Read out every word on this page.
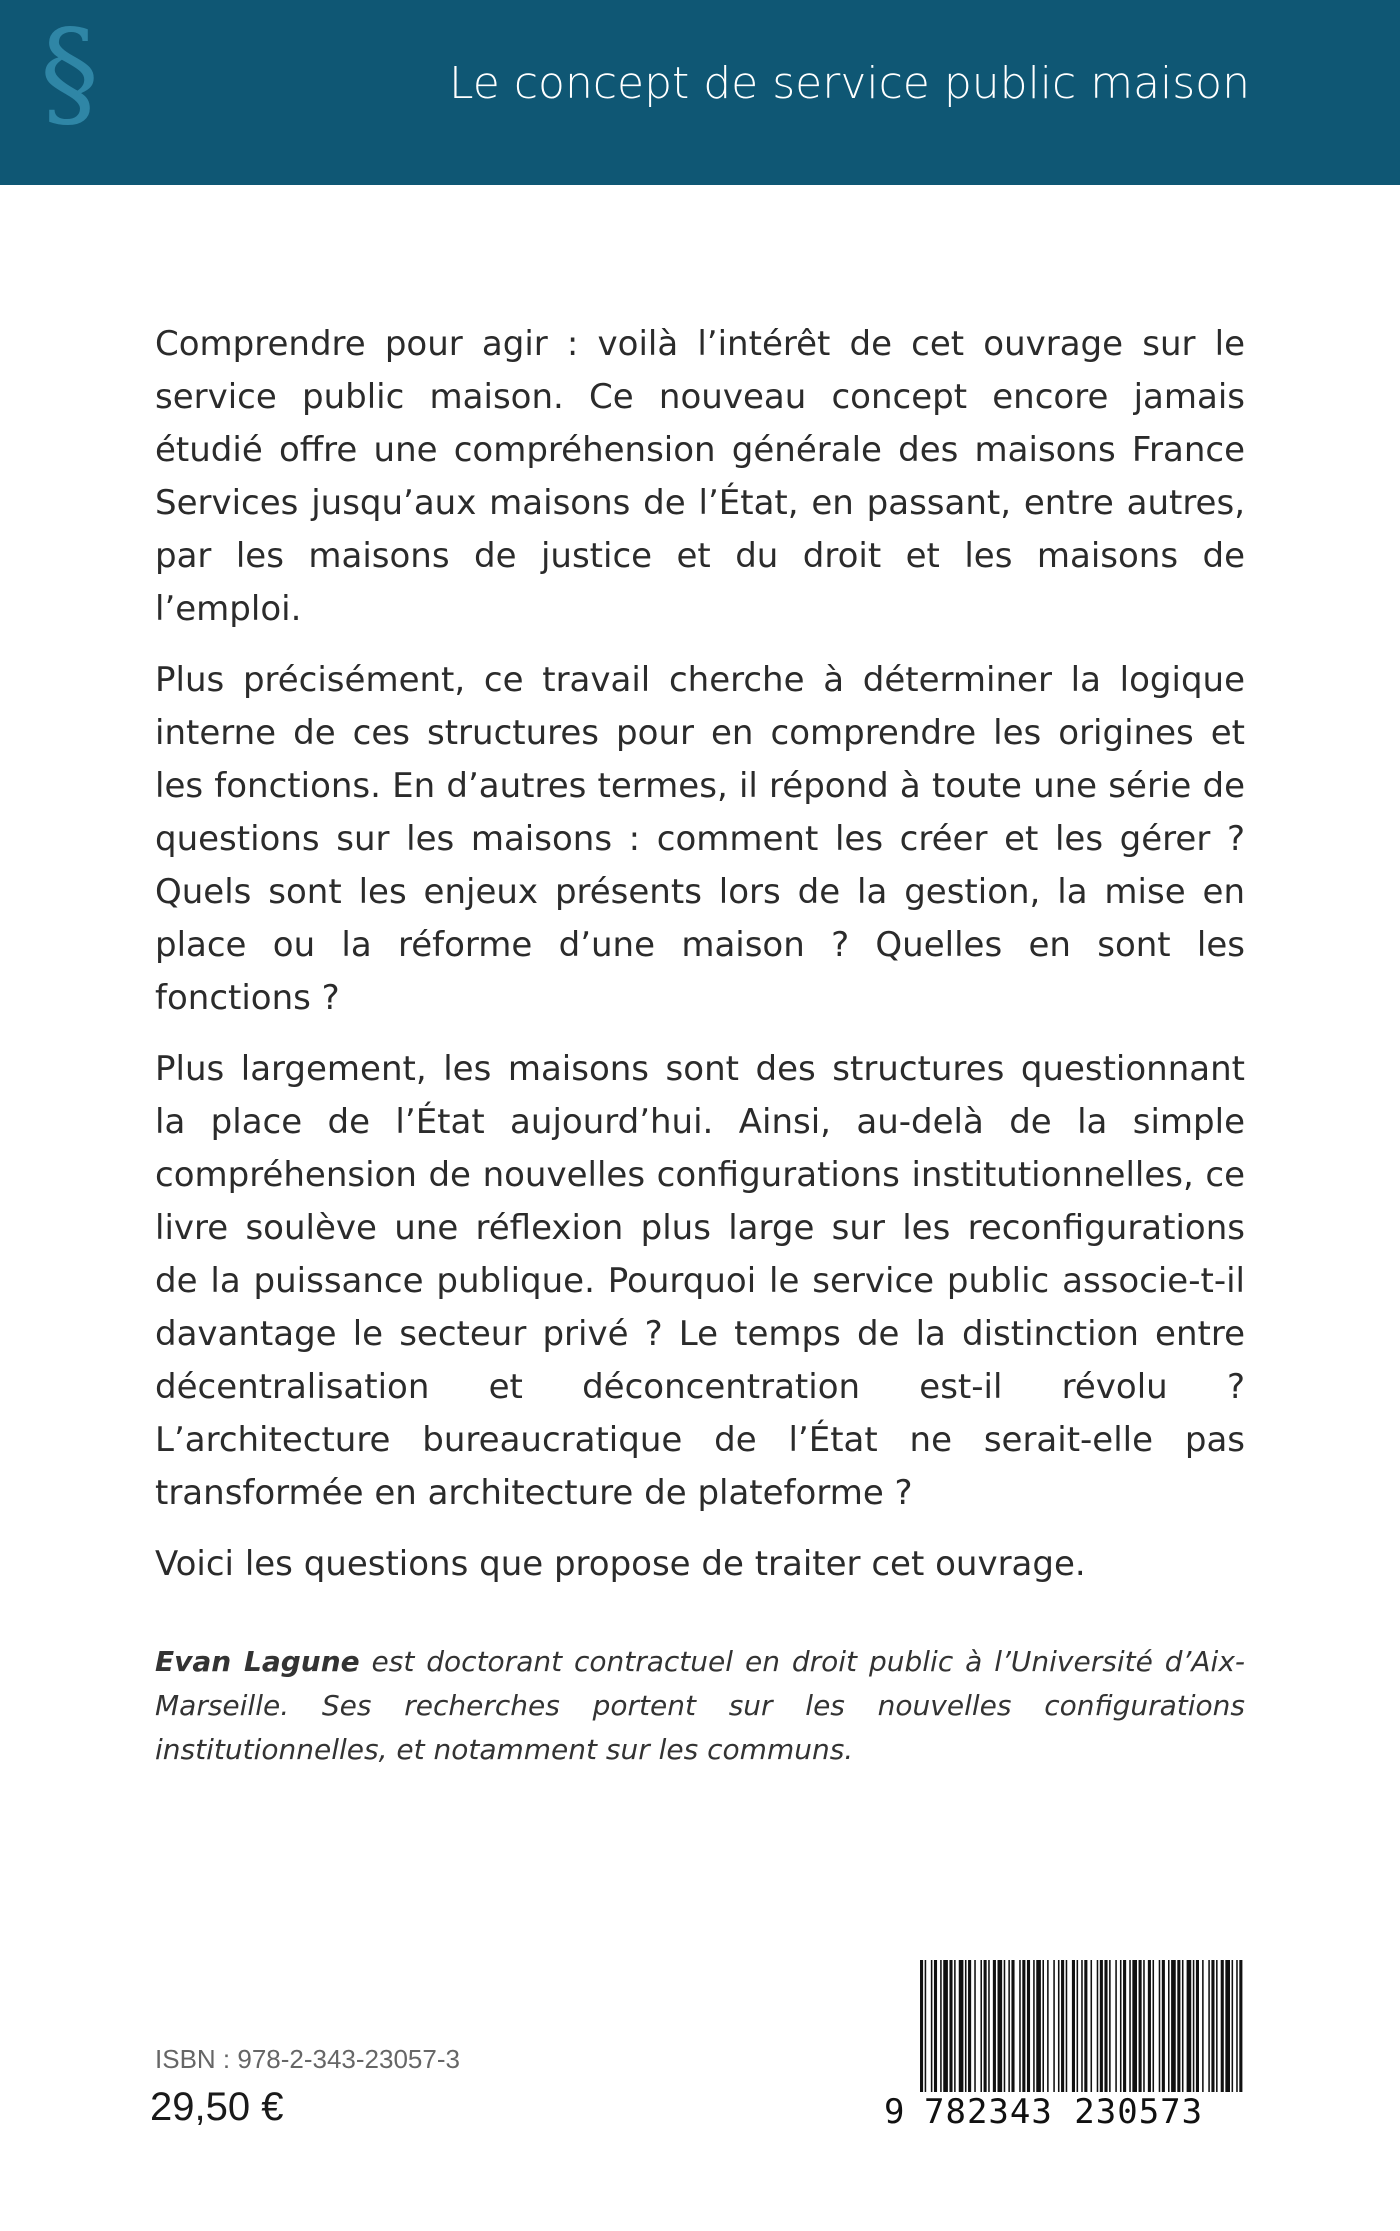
§	Le concept de service public maison

Comprendre pour agir : voilà l’intérêt de cet ouvrage sur le service public maison. Ce nouveau concept encore jamais étudié offre une compréhension générale des maisons France Services jusqu’aux maisons de l’État, en passant, entre autres, par les maisons de justice et du droit et les maisons de l’emploi.

Plus précisément, ce travail cherche à déterminer la logique interne de ces structures pour en comprendre les origines et les fonctions. En d’autres termes, il répond à toute une série de questions sur les maisons : comment les créer et les gérer ? Quels sont les enjeux présents lors de la gestion, la mise en place ou la réforme d’une maison ? Quelles en sont les fonctions ?

Plus largement, les maisons sont des structures questionnant la place de l’État aujourd’hui. Ainsi, au-delà de la simple compréhension de nouvelles configurations institutionnelles, ce livre soulève une réflexion plus large sur les reconfigurations de la puissance publique. Pourquoi le service public associe-t-il davantage le secteur privé ? Le temps de la distinction entre décentralisation et déconcentration est-il révolu ? L’architecture bureaucratique de l’État ne serait-elle pas transformée en architecture de plateforme ?

Voici les questions que propose de traiter cet ouvrage.

Evan Lagune est doctorant contractuel en droit public à l’Université d’Aix-Marseille. Ses recherches portent sur les nouvelles configurations institutionnelles, et notamment sur les communs.

ISBN : 978-2-343-23057-3
29,50 €	9 782343 230573
